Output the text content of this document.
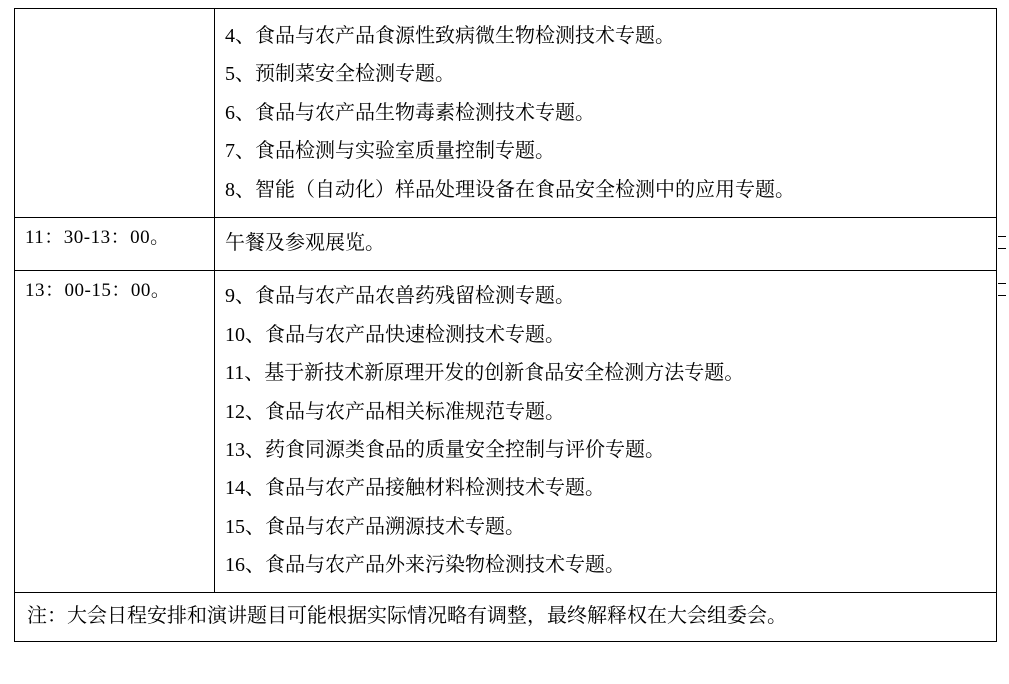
	4、食品与农产品食源性致病微生物检测技术专题。
5、预制菜安全检测专题。
6、食品与农产品生物毒素检测技术专题。
7、食品检测与实验室质量控制专题。
8、智能（自动化）样品处理设备在食品安全检测中的应用专题。

11：30-13：00。	午餐及参观展览。

13：00-15：00。	9、食品与农产品农兽药残留检测专题。
10、食品与农产品快速检测技术专题。
11、基于新技术新原理开发的创新食品安全检测方法专题。
12、食品与农产品相关标准规范专题。
13、药食同源类食品的质量安全控制与评价专题。
14、食品与农产品接触材料检测技术专题。
15、食品与农产品溯源技术专题。
16、食品与农产品外来污染物检测技术专题。

注：大会日程安排和演讲题目可能根据实际情况略有调整，最终解释权在大会组委会。	
